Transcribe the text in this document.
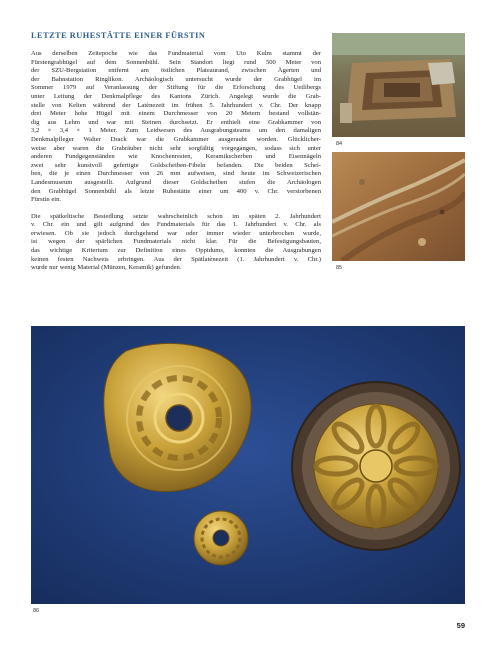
LETZTE RUHESTÄTTE EINER FÜRSTIN

Aus derselben Zeitepoche wie das Fundmaterial vom Uto Kulm stammt der
Fürstengrabhügel auf dem Sonnenbühl. Sein Standort liegt rund 500 Meter von
der SZU-Bergstation entfernt am östlichen Plateaurand, zwischen Ägerten und
der Bahnstation Ringlikon. Archäologisch untersucht wurde der Grabhügel im
Sommer 1979 auf Veranlassung der Stiftung für die Erforschung des Uetlibergs
unter Leitung der Denkmalpflege des Kantons Zürich. Angelegt wurde die Grab-
stelle von Kelten während der Latènezeit im frühen 5. Jahrhundert v. Chr. Der knapp
drei Meter hohe Hügel mit einem Durchmesser von 20 Metern bestand vollstän-
dig aus Lehm und war mit Steinen durchsetzt. Er enthielt eine Grabkammer von
3,2 × 3,4 × 1 Meter. Zum Leidwesen des Ausgrabungsteams um den damaligen
Denkmalpfleger Walter Drack war die Grabkammer ausgeraubt worden. Glücklicher-
weise aber waren die Grabräuber nicht sehr sorgfältig vorgegangen, sodass sich unter
anderen Fundgegenständen wie Knochenresten, Keramikscherben und Eisennägeln
zwei sehr kunstvoll gefertigte Goldscheiben-Fibeln befanden. Die beiden Schei-
ben, die je einen Durchmesser von 26 mm aufweisen, sind heute im Schweizerischen
Landesmuseum ausgestellt. Aufgrund dieser Goldscheiben stufen die Archäologen
den Grabhügel Sonnenbühl als letzte Ruhestätte einer um 400 v. Chr. verstorbenen
Fürstin ein.

Die spätkeltische Besiedlung setzte wahrscheinlich schon im späten 2. Jahrhundert
v. Chr. ein und gilt aufgrund des Fundmaterials für das 1. Jahrhundert v. Chr. als
erwiesen. Ob sie jedoch durchgehend war oder immer wieder unterbrochen wurde,
ist wegen der spärlichen Fundmaterials nicht klar. Für die Befestigungsbauten,
das wichtige Kriterium zur Definition eines Oppidums, konnten die Ausgrabungen
keinen festen Nachweis erbringen. Aus der Spätlatènezeit (1. Jahrhundert v. Chr.)
wurde nur wenig Material (Münzen, Keramik) gefunden.

84
85
86
59
